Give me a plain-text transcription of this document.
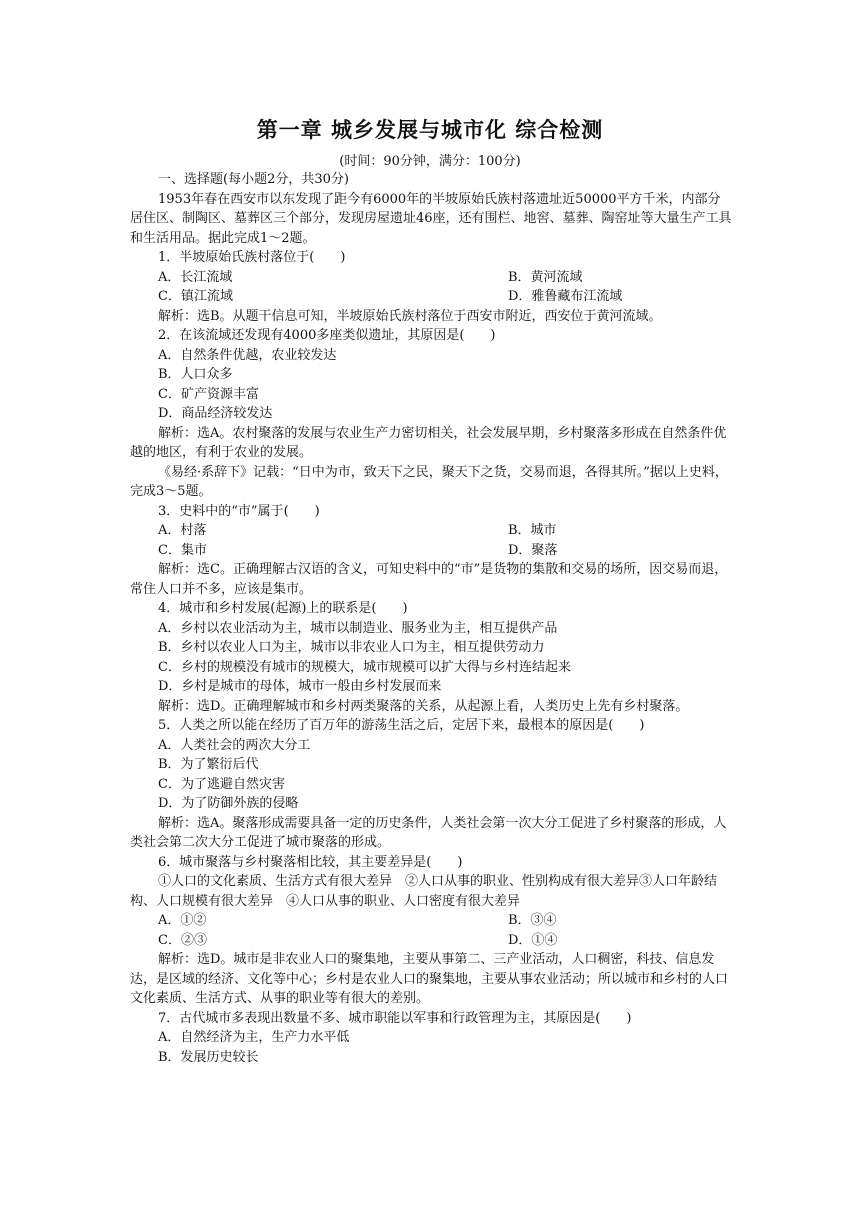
第一章 城乡发展与城市化 综合检测
(时间：90分钟，满分：100分)

一、选择题(每小题2分，共30分)

1953年春在西安市以东发现了距今有6000年的半坡原始氏族村落遗址近50000平方千米，内部分居住区、制陶区、墓葬区三个部分，发现房屋遗址46座，还有围栏、地窖、墓葬、陶窑址等大量生产工具和生活用品。据此完成1～2题。

1．半坡原始氏族村落位于(　　)

A．长江流域	B．黄河流域
C．镇江流域	D．雅鲁藏布江流域

解析：选B。从题干信息可知，半坡原始氏族村落位于西安市附近，西安位于黄河流域。

2．在该流域还发现有4000多座类似遗址，其原因是(　　)

A．自然条件优越，农业较发达

B．人口众多

C．矿产资源丰富

D．商品经济较发达

解析：选A。农村聚落的发展与农业生产力密切相关，社会发展早期，乡村聚落多形成在自然条件优越的地区，有利于农业的发展。

《易经·系辞下》记载：“日中为市，致天下之民，聚天下之货，交易而退，各得其所。”据以上史料，完成3～5题。

3．史料中的“市”属于(　　)

A．村落	B．城市
C．集市	D．聚落

解析：选C。正确理解古汉语的含义，可知史料中的“市”是货物的集散和交易的场所，因交易而退，常住人口并不多，应该是集市。

4．城市和乡村发展(起源)上的联系是(　　)

A．乡村以农业活动为主，城市以制造业、服务业为主，相互提供产品

B．乡村以农业人口为主，城市以非农业人口为主，相互提供劳动力

C．乡村的规模没有城市的规模大，城市规模可以扩大得与乡村连结起来

D．乡村是城市的母体，城市一般由乡村发展而来

解析：选D。正确理解城市和乡村两类聚落的关系，从起源上看，人类历史上先有乡村聚落。

5．人类之所以能在经历了百万年的游荡生活之后，定居下来，最根本的原因是(　　)

A．人类社会的两次大分工

B．为了繁衍后代

C．为了逃避自然灾害

D．为了防御外族的侵略

解析：选A。聚落形成需要具备一定的历史条件，人类社会第一次大分工促进了乡村聚落的形成，人类社会第二次大分工促进了城市聚落的形成。

6．城市聚落与乡村聚落相比较，其主要差异是(　　)

①人口的文化素质、生活方式有很大差异　②人口从事的职业、性别构成有很大差异③人口年龄结构、人口规模有很大差异　④人口从事的职业、人口密度有很大差异

A．①②	B．③④
C．②③	D．①④

解析：选D。城市是非农业人口的聚集地，主要从事第二、三产业活动，人口稠密，科技、信息发达，是区域的经济、文化等中心；乡村是农业人口的聚集地，主要从事农业活动；所以城市和乡村的人口文化素质、生活方式、从事的职业等有很大的差别。

7．古代城市多表现出数量不多、城市职能以军事和行政管理为主，其原因是(　　)

A．自然经济为主，生产力水平低

B．发展历史较长
